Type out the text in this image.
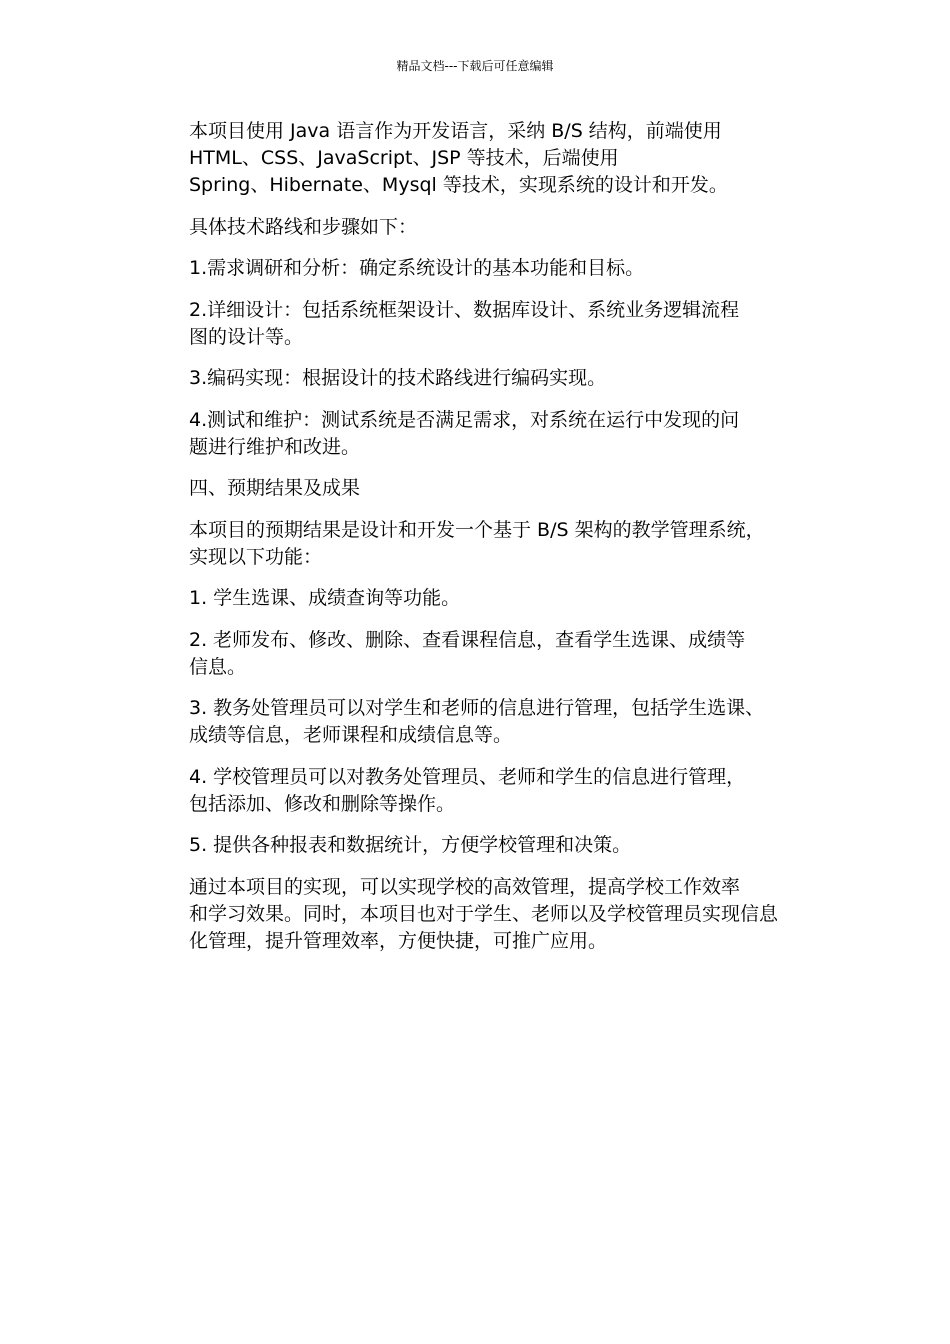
精品文档---下载后可任意编辑

本项目使用 Java 语言作为开发语言，采纳 B/S 结构，前端使用
HTML、CSS、JavaScript、JSP 等技术，后端使用
Spring、Hibernate、Mysql 等技术，实现系统的设计和开发。

具体技术路线和步骤如下：

1.需求调研和分析：确定系统设计的基本功能和目标。

2.详细设计：包括系统框架设计、数据库设计、系统业务逻辑流程
图的设计等。

3.编码实现：根据设计的技术路线进行编码实现。

4.测试和维护：测试系统是否满足需求，对系统在运行中发现的问
题进行维护和改进。

四、预期结果及成果

本项目的预期结果是设计和开发一个基于 B/S 架构的教学管理系统，
实现以下功能：

1. 学生选课、成绩查询等功能。

2. 老师发布、修改、删除、查看课程信息，查看学生选课、成绩等
信息。

3. 教务处管理员可以对学生和老师的信息进行管理，包括学生选课、
成绩等信息，老师课程和成绩信息等。

4. 学校管理员可以对教务处管理员、老师和学生的信息进行管理，
包括添加、修改和删除等操作。

5. 提供各种报表和数据统计，方便学校管理和决策。

通过本项目的实现，可以实现学校的高效管理，提高学校工作效率
和学习效果。同时，本项目也对于学生、老师以及学校管理员实现信息
化管理，提升管理效率，方便快捷，可推广应用。
